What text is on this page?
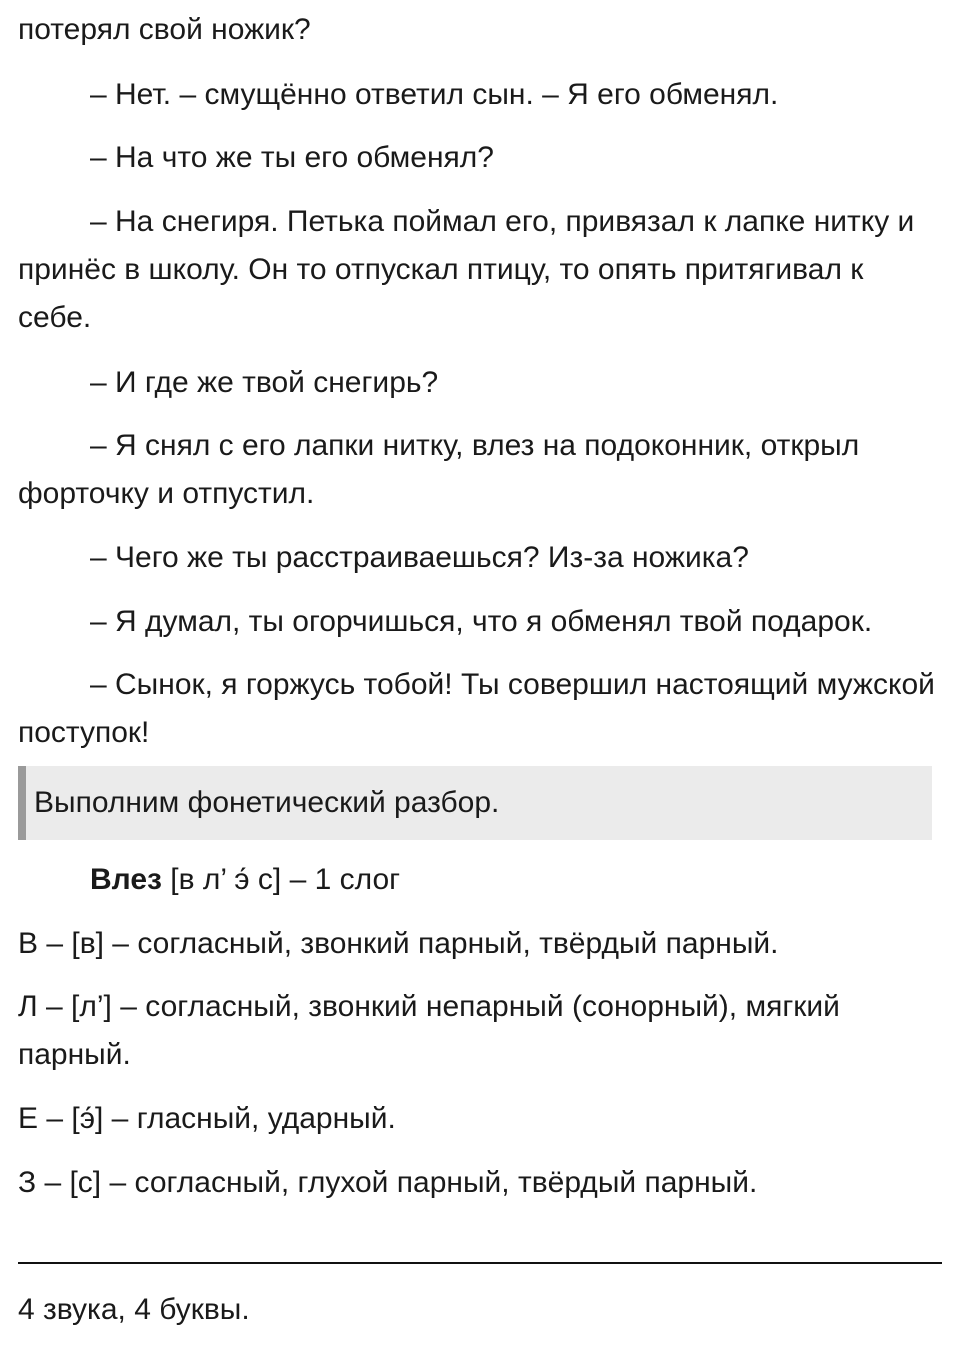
потерял свой ножик?

– Нет. – смущённо ответил сын. – Я его обменял.

– На что же ты его обменял?

– На снегиря. Петька поймал его, привязал к лапке нитку и принёс в школу. Он то отпускал птицу, то опять притягивал к себе.

– И где же твой снегирь?

– Я снял с его лапки нитку, влез на подоконник, открыл форточку и отпустил.

– Чего же ты расстраиваешься? Из-за ножика?

– Я думал, ты огорчишься, что я обменял твой подарок.

– Сынок, я горжусь тобой! Ты совершил настоящий мужской поступок!

Выполним фонетический разбор.

Влез [в л’ э́ с] – 1 слог

В – [в] – согласный, звонкий парный, твёрдый парный.

Л – [л’] – согласный, звонкий непарный (сонорный), мягкий парный.

Е – [э́] – гласный, ударный.

З – [с] – согласный, глухой парный, твёрдый парный.

4 звука, 4 буквы.
